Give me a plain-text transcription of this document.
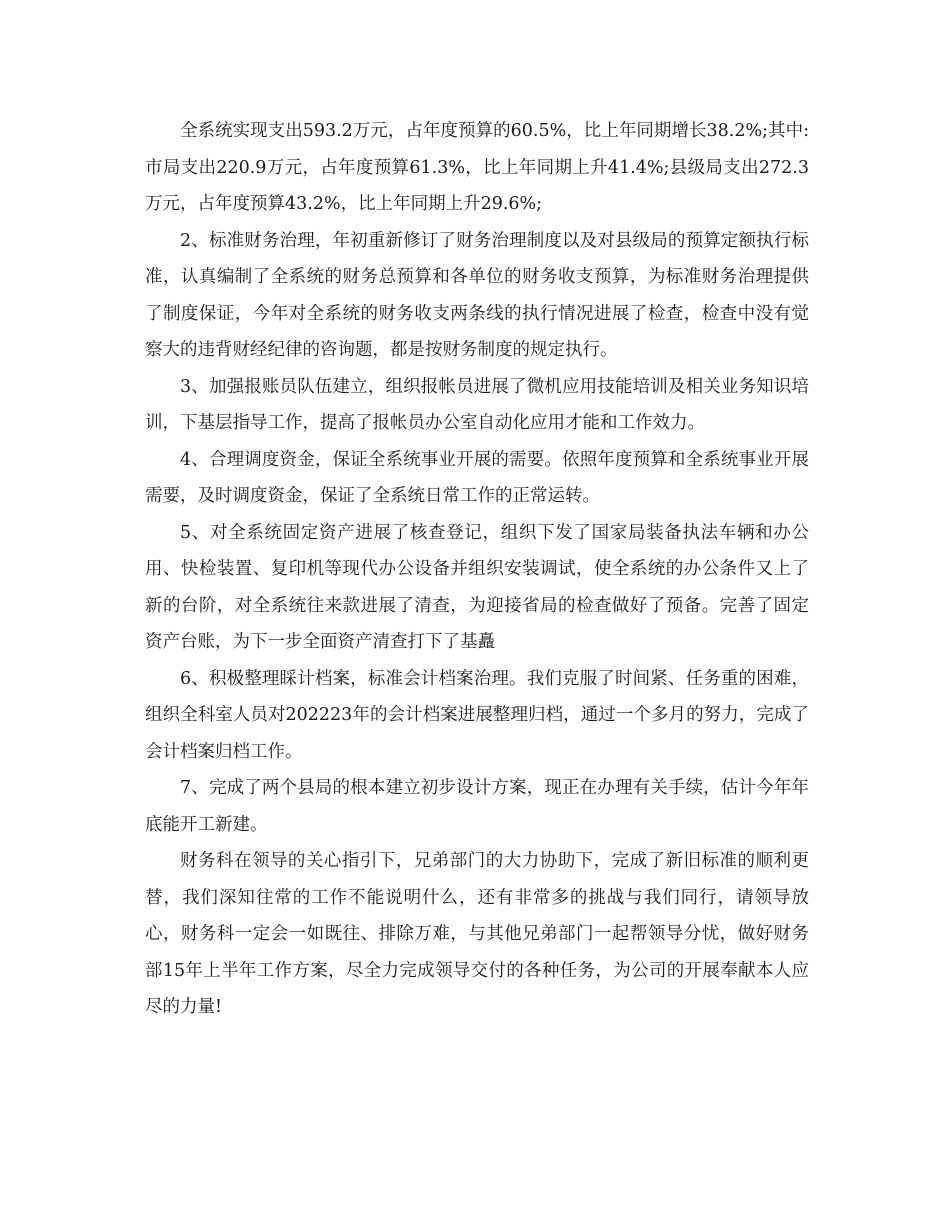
全系统实现支出593.2万元，占年度预算的60.5%，比上年同期增长38.2%;其中:市局支出220.9万元，占年度预算61.3%，比上年同期上升41.4%;县级局支出272.3万元，占年度预算43.2%，比上年同期上升29.6%;

2、标准财务治理，年初重新修订了财务治理制度以及对县级局的预算定额执行标准，认真编制了全系统的财务总预算和各单位的财务收支预算，为标准财务治理提供了制度保证，今年对全系统的财务收支两条线的执行情况进展了检查，检查中没有觉察大的违背财经纪律的咨询题，都是按财务制度的规定执行。

3、加强报账员队伍建立，组织报帐员进展了微机应用技能培训及相关业务知识培训，下基层指导工作，提高了报帐员办公室自动化应用才能和工作效力。

4、合理调度资金，保证全系统事业开展的需要。依照年度预算和全系统事业开展需要，及时调度资金，保证了全系统日常工作的正常运转。

5、对全系统固定资产进展了核查登记，组织下发了国家局装备执法车辆和办公用、快检装置、复印机等现代办公设备并组织安装调试，使全系统的办公条件又上了新的台阶，对全系统往来款进展了清查，为迎接省局的检查做好了预备。完善了固定资产台账，为下一步全面资产清查打下了基矗

6、积极整理睬计档案，标准会计档案治理。我们克服了时间紧、任务重的困难，组织全科室人员对202223年的会计档案进展整理归档，通过一个多月的努力，完成了会计档案归档工作。

7、完成了两个县局的根本建立初步设计方案，现正在办理有关手续，估计今年年底能开工新建。

财务科在领导的关心指引下，兄弟部门的大力协助下，完成了新旧标准的顺利更替，我们深知往常的工作不能说明什么，还有非常多的挑战与我们同行，请领导放心，财务科一定会一如既往、排除万难，与其他兄弟部门一起帮领导分忧，做好财务部15年上半年工作方案，尽全力完成领导交付的各种任务，为公司的开展奉献本人应尽的力量!
